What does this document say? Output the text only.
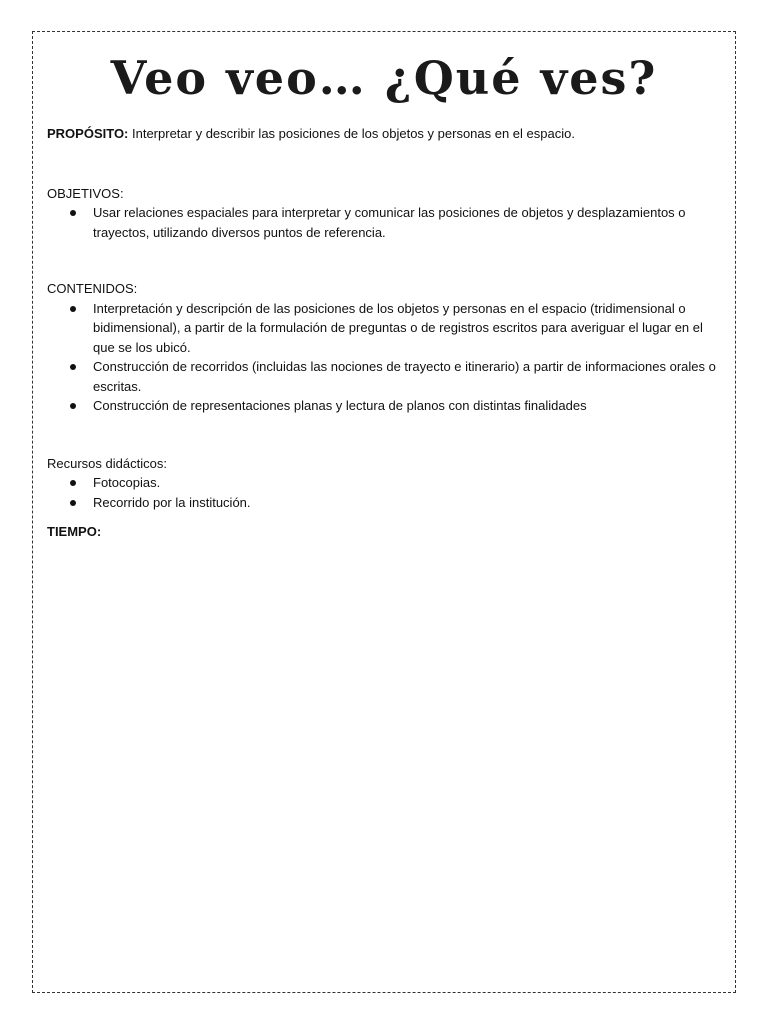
Veo veo… ¿Qué ves?

PROPÓSITO: Interpretar y describir las posiciones de los objetos y personas en el espacio.

OBJETIVOS:

Usar relaciones espaciales para interpretar y comunicar las posiciones de objetos y desplazamientos o trayectos, utilizando diversos puntos de referencia.

CONTENIDOS:

Interpretación y descripción de las posiciones de los objetos y personas en el espacio (tridimensional o bidimensional), a partir de la formulación de preguntas o de registros escritos para averiguar el lugar en el que se los ubicó.
Construcción de recorridos (incluidas las nociones de trayecto e itinerario) a partir de informaciones orales o escritas.
Construcción de representaciones planas y lectura de planos con distintas finalidades

Recursos didácticos:

Fotocopias.
Recorrido por la institución.

TIEMPO:
